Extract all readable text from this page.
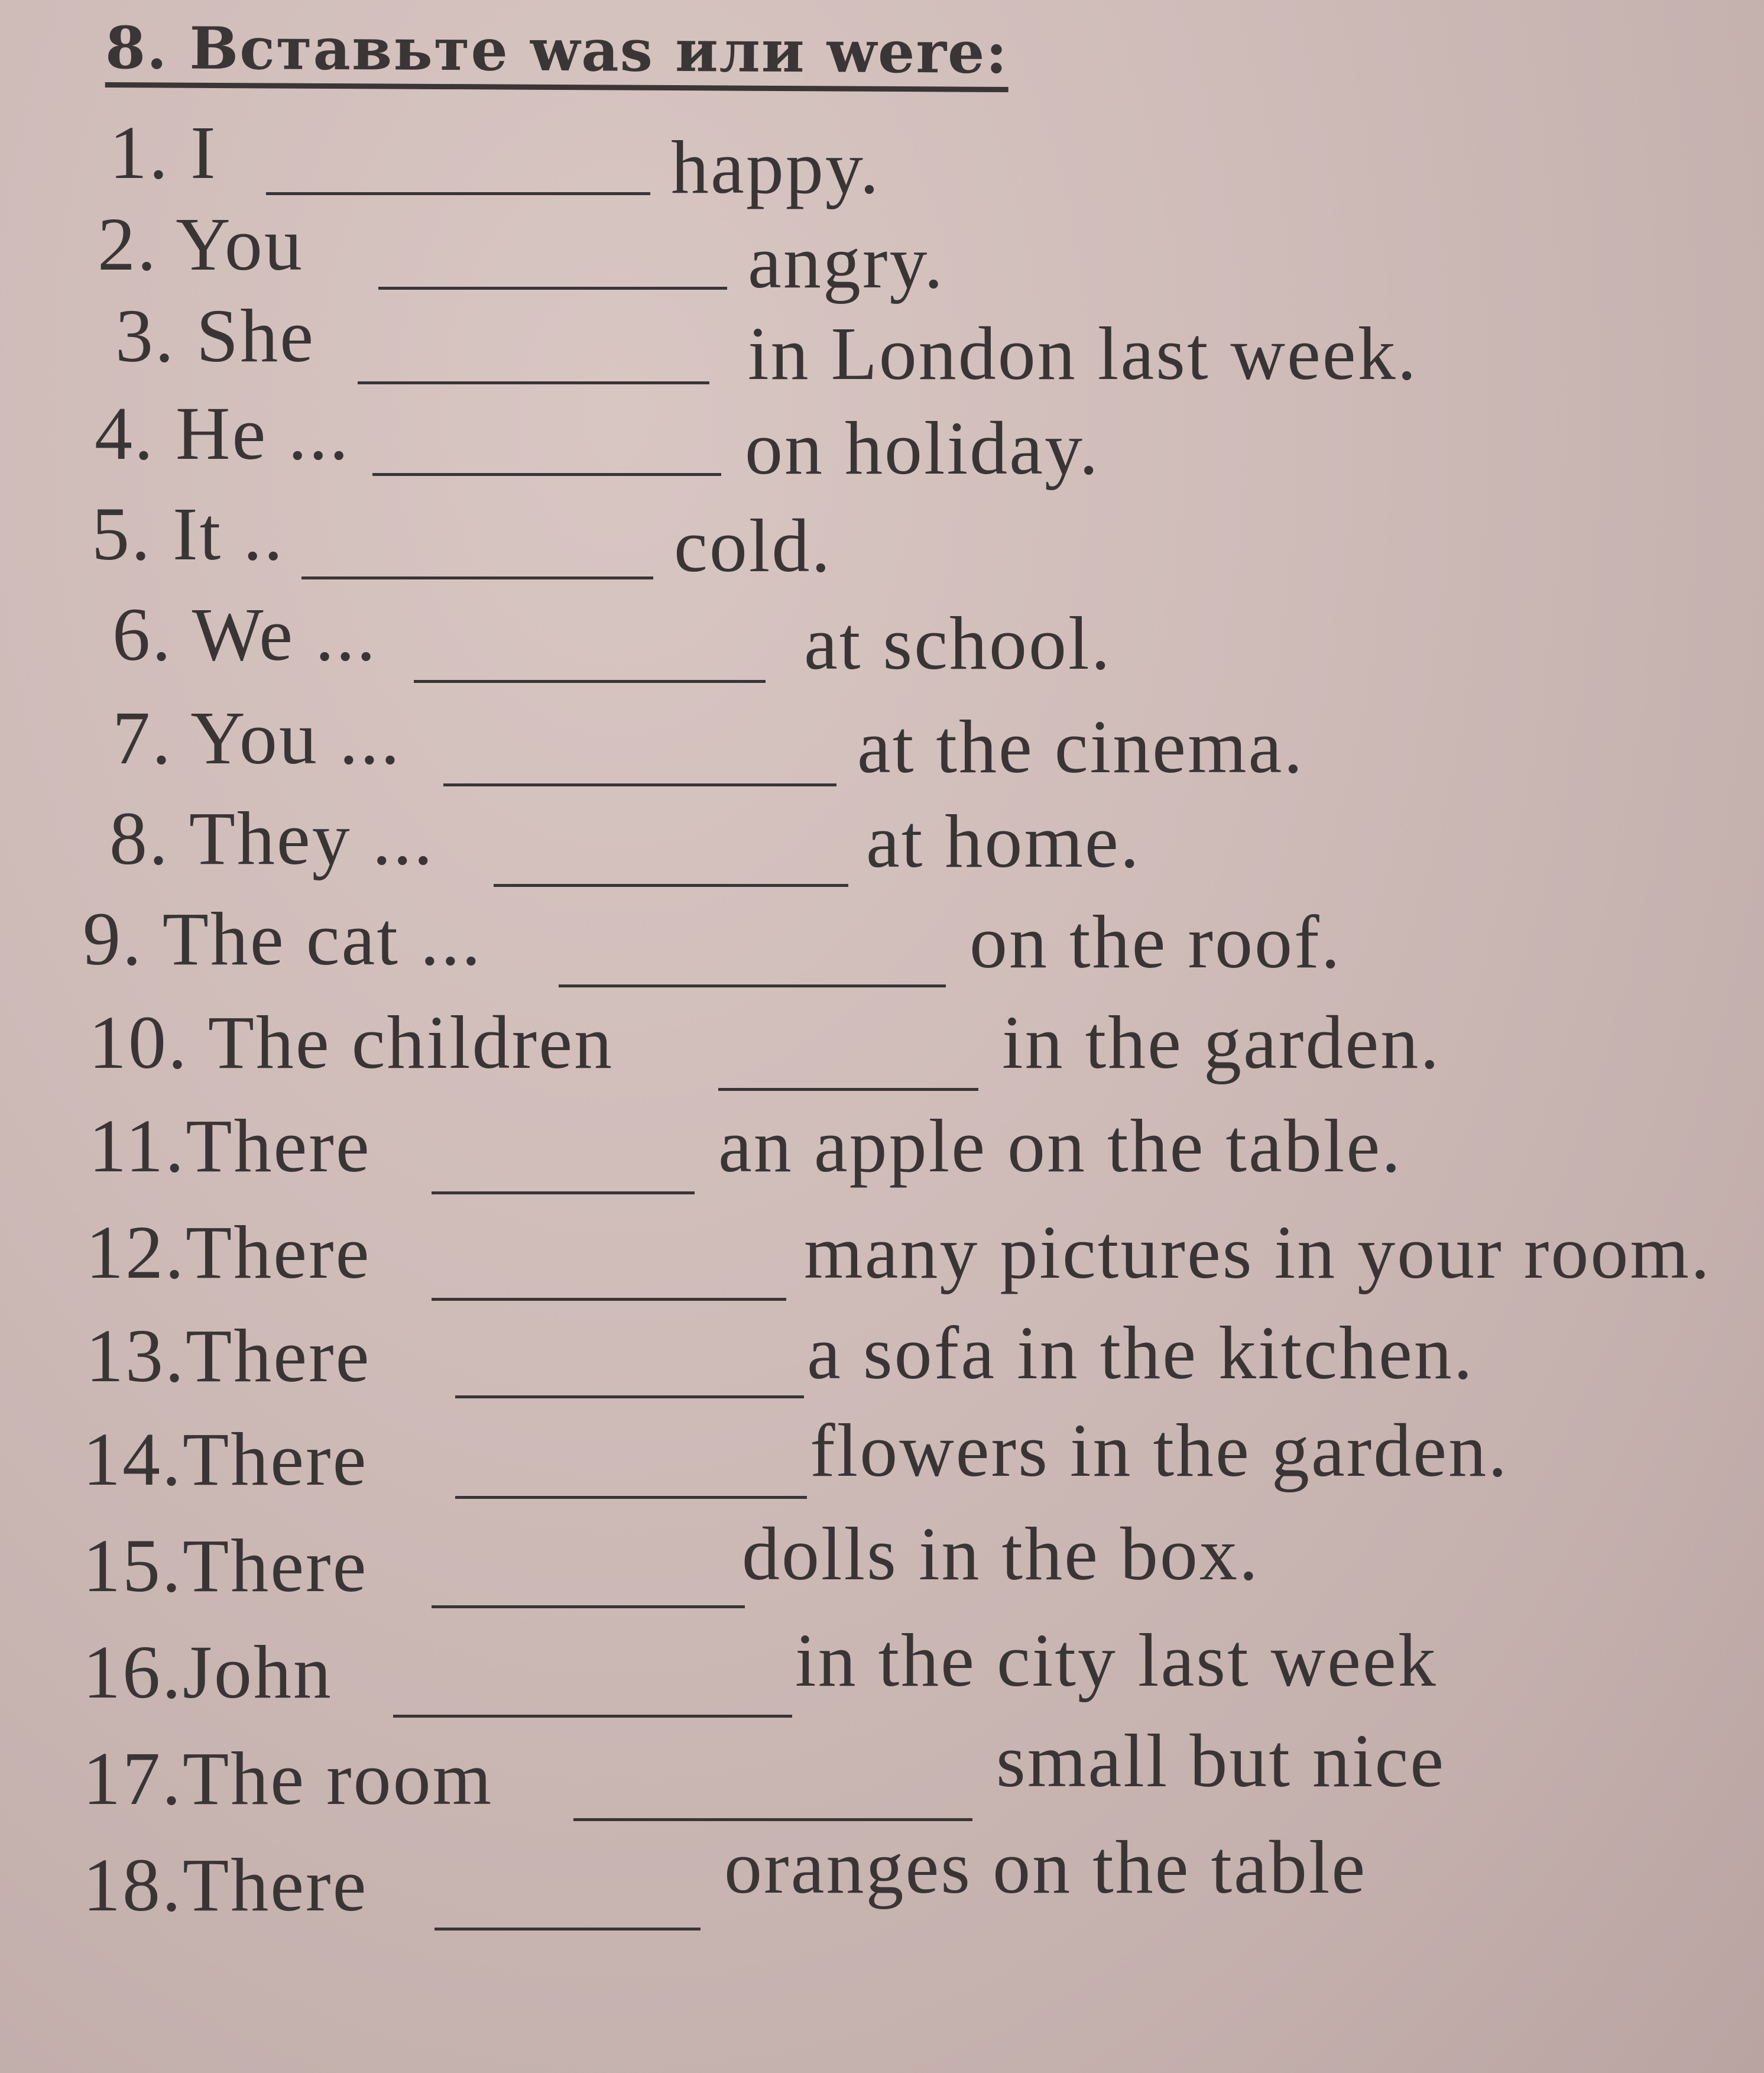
8. Вставьте was или were:
1. I	happy.
2. You	angry.
3. She	in London last week.
4. He ...	on holiday.
5. It ..	cold.
6. We ...	at school.
7. You ...	at the cinema.
8. They ...	at home.
9. The cat ...	on the roof.
10. The children	in the garden.
11.There	an apple on the table.
12.There	many pictures in your room.
13.There	a sofa in the kitchen.
14.There	flowers in the garden.
15.There	dolls in the box.
16.John	in the city last week
17.The room	small but nice
18.There	oranges on the table
